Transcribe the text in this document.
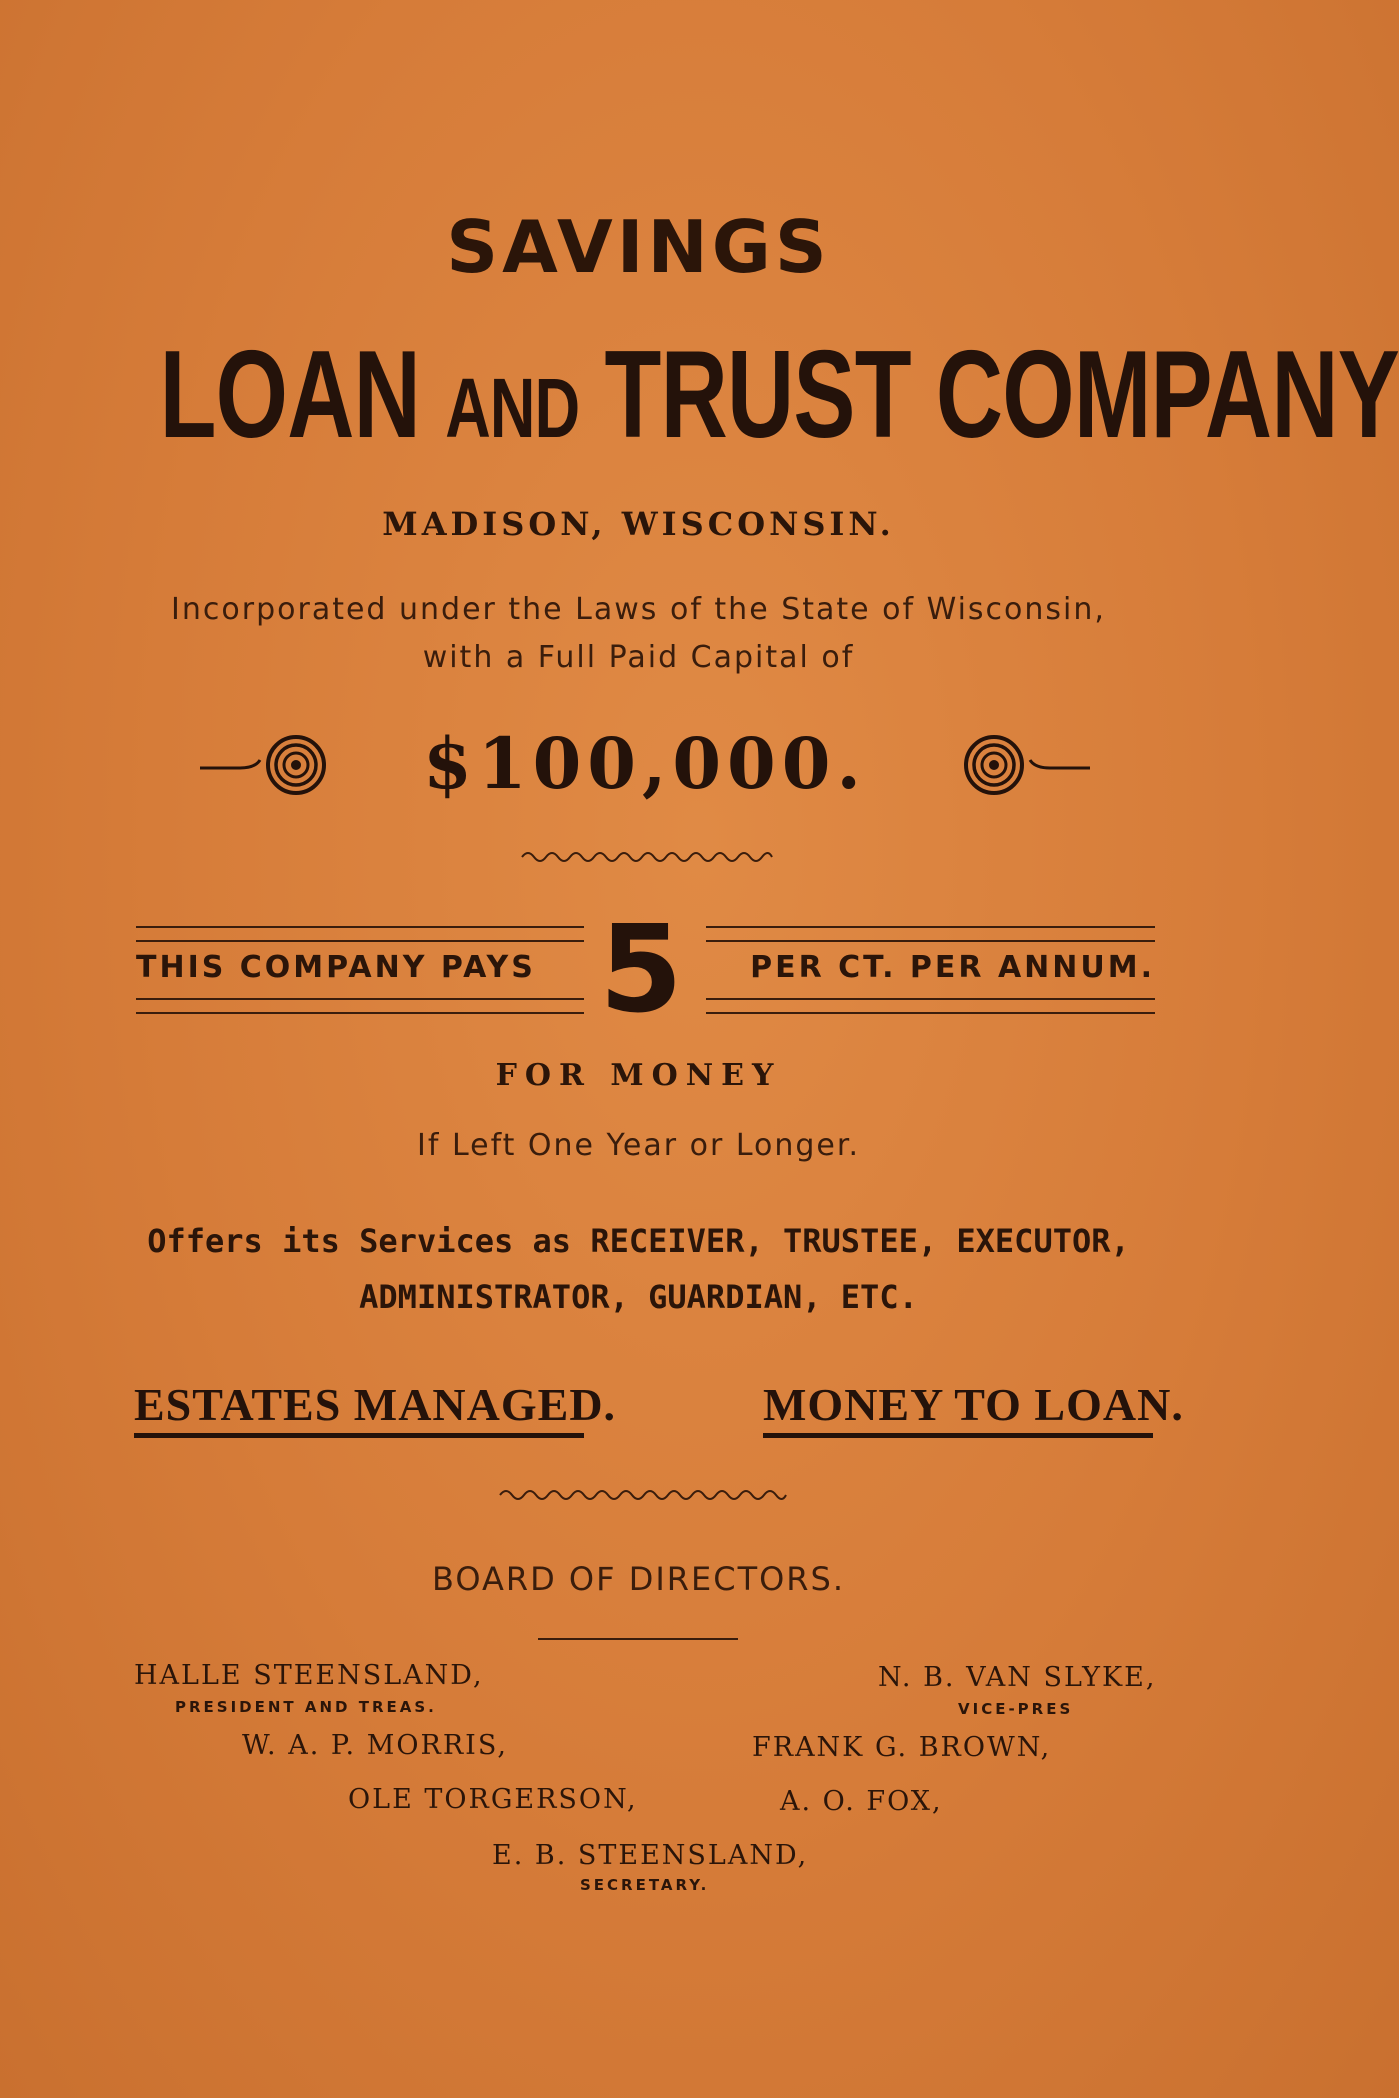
SAVINGS
LOAN AND TRUST COMPANY
MADISON, WISCONSIN.
Incorporated under the Laws of the State of Wisconsin,
with a Full Paid Capital of
$100,000.
THIS COMPANY PAYS 5	PER CT. PER ANNUM.
FOR MONEY
If Left One Year or Longer.
Offers its Services as RECEIVER, TRUSTEE, EXECUTOR,
ADMINISTRATOR, GUARDIAN, ETC.
ESTATES MANAGED.	MONEY TO LOAN.
BOARD OF DIRECTORS.
HALLE STEENSLAND,
PRESIDENT AND TREAS.
N. B. VAN SLYKE,
VICE-PRES
W. A. P. MORRIS,	FRANK G. BROWN,
OLE TORGERSON,	A. O. FOX,
E. B. STEENSLAND,
SECRETARY.
